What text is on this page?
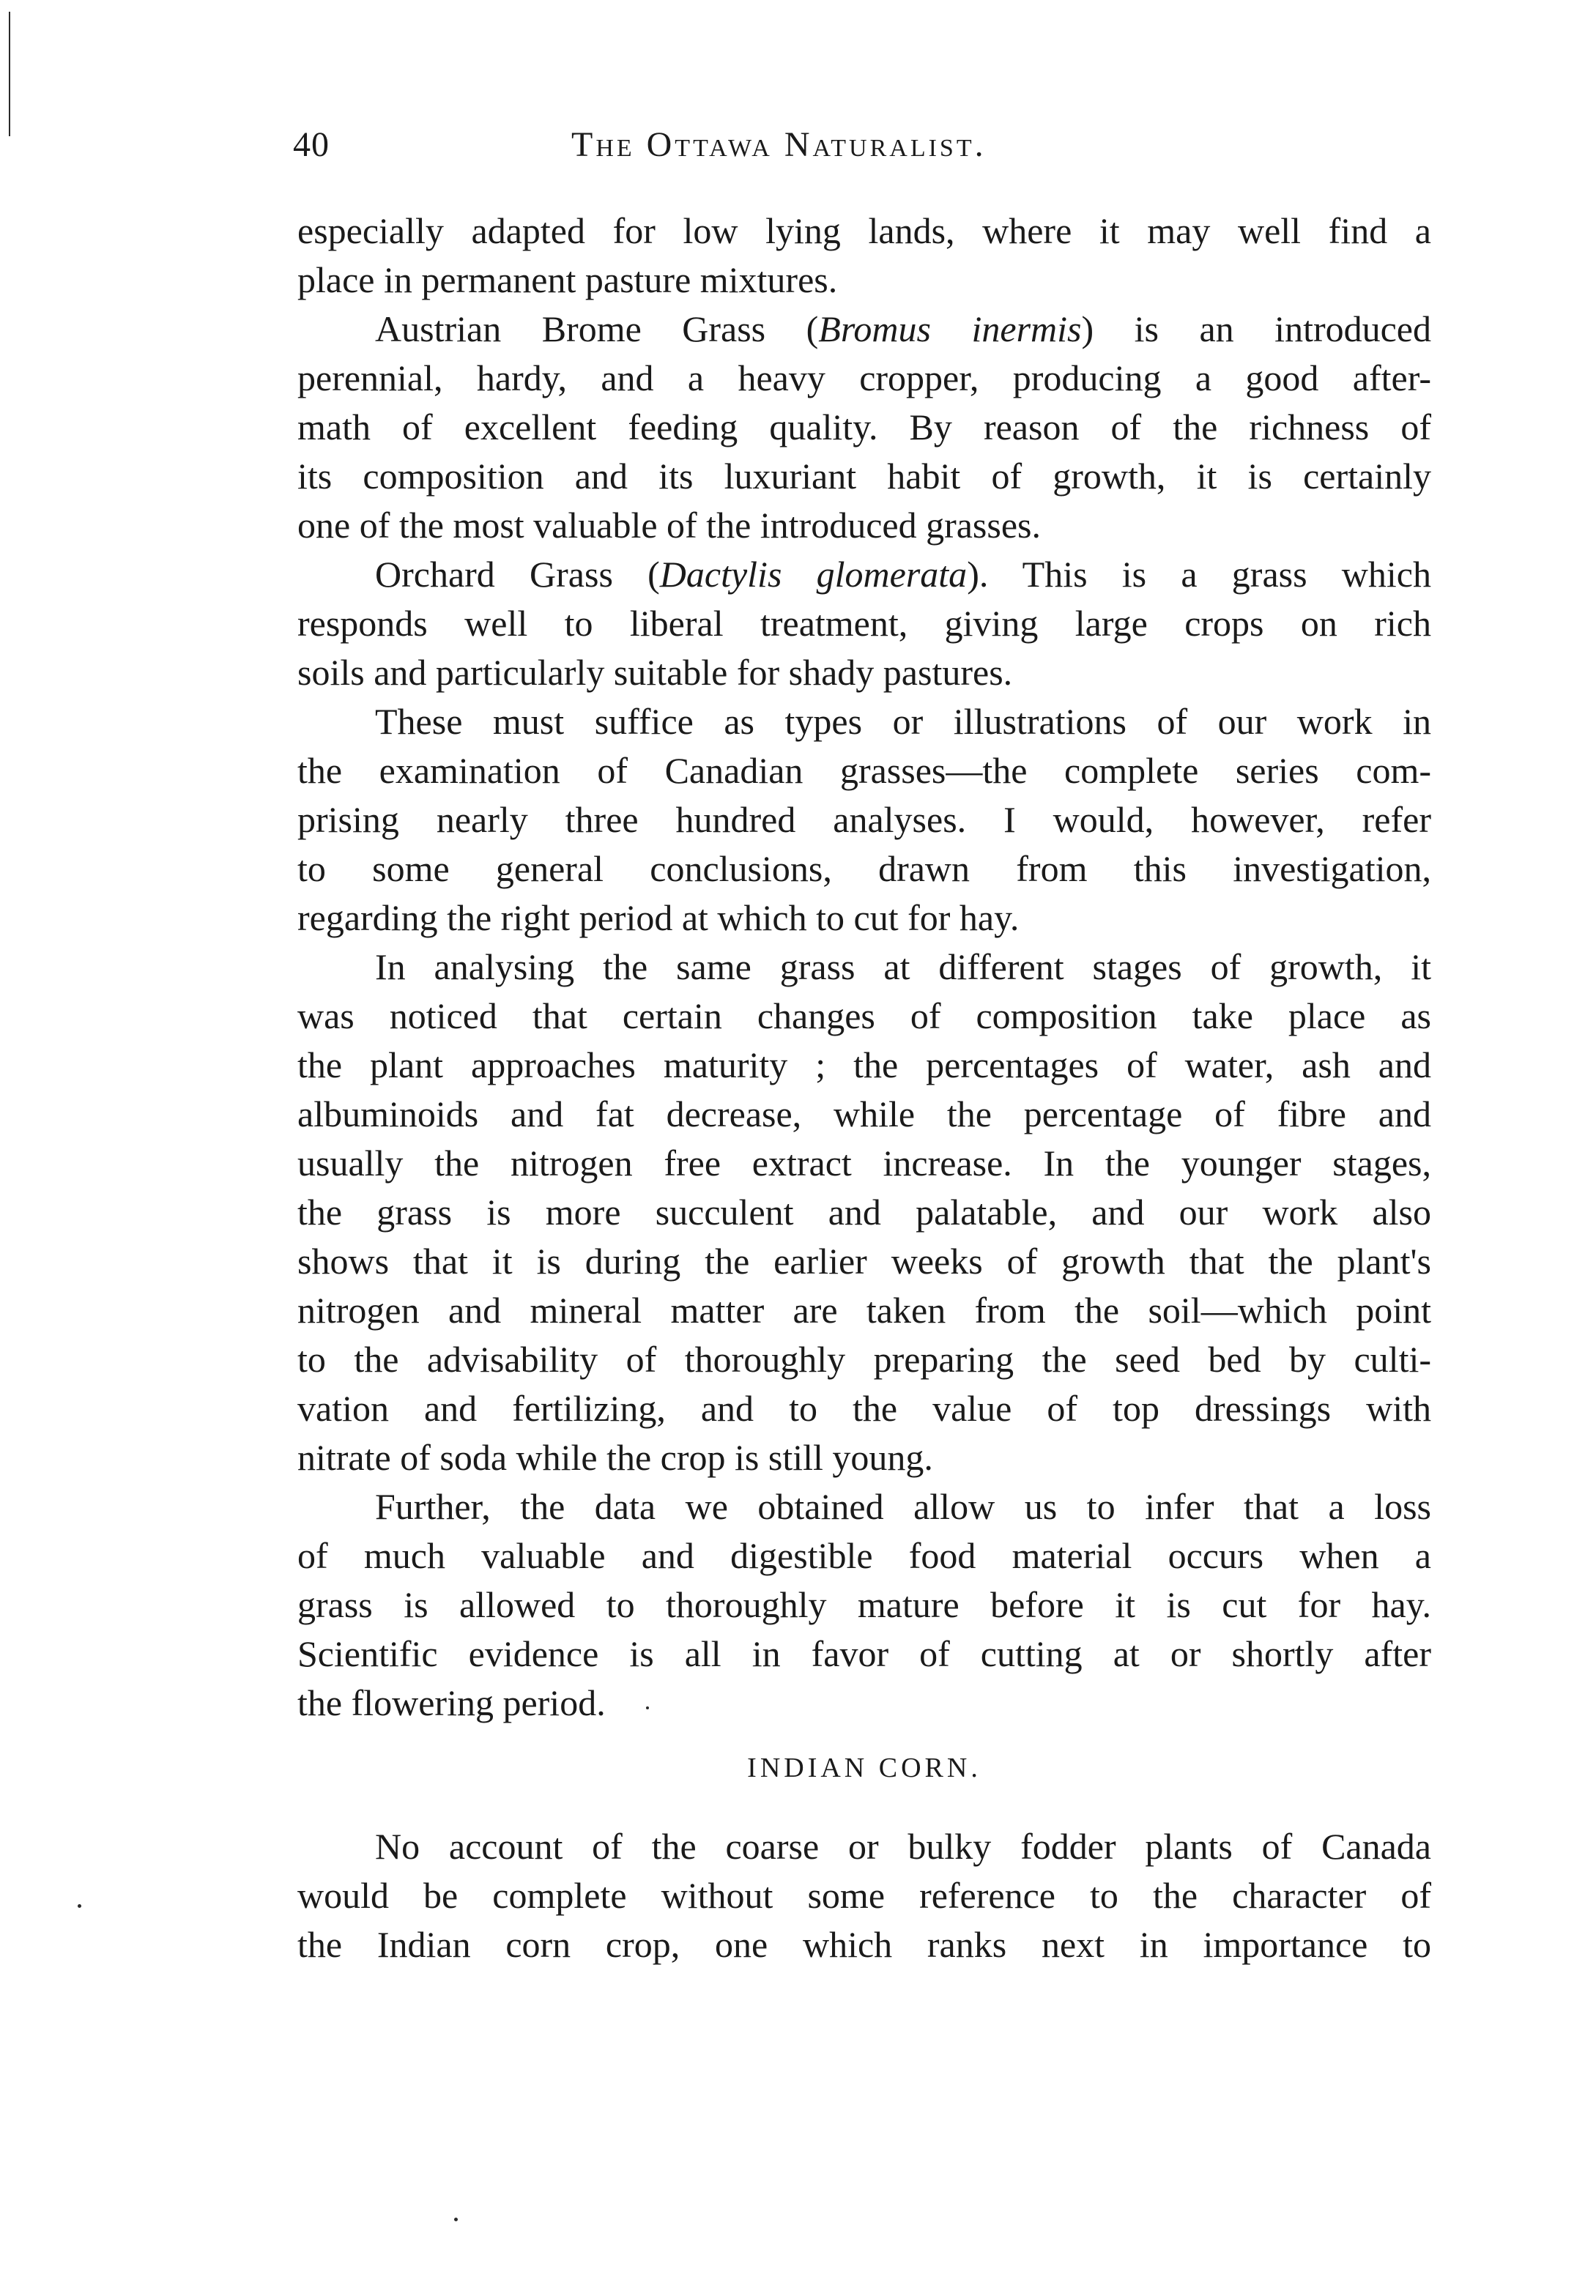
40	The Ottawa Naturalist.
especially adapted for low lying lands, where it may well find a
place in permanent pasture mixtures.
Austrian Brome Grass (Bromus inermis) is an introduced
perennial, hardy, and a heavy cropper, producing a good after-
math of excellent feeding quality. By reason of the richness of
its composition and its luxuriant habit of growth, it is certainly
one of the most valuable of the introduced grasses.
Orchard Grass (Dactylis glomerata). This is a grass which
responds well to liberal treatment, giving large crops on rich
soils and particularly suitable for shady pastures.
These must suffice as types or illustrations of our work in
the examination of Canadian grasses—the complete series com-
prising nearly three hundred analyses. I would, however, refer
to some general conclusions, drawn from this investigation,
regarding the right period at which to cut for hay.
In analysing the same grass at different stages of growth, it
was noticed that certain changes of composition take place as
the plant approaches maturity ; the percentages of water, ash and
albuminoids and fat decrease, while the percentage of fibre and
usually the nitrogen free extract increase. In the younger stages,
the grass is more succulent and palatable, and our work also
shows that it is during the earlier weeks of growth that the plant's
nitrogen and mineral matter are taken from the soil—which point
to the advisability of thoroughly preparing the seed bed by culti-
vation and fertilizing, and to the value of top dressings with
nitrate of soda while the crop is still young.
Further, the data we obtained allow us to infer that a loss
of much valuable and digestible food material occurs when a
grass is allowed to thoroughly mature before it is cut for hay.
Scientific evidence is all in favor of cutting at or shortly after
the flowering period.
INDIAN CORN.
No account of the coarse or bulky fodder plants of Canada
would be complete without some reference to the character of
the Indian corn crop, one which ranks next in importance to
